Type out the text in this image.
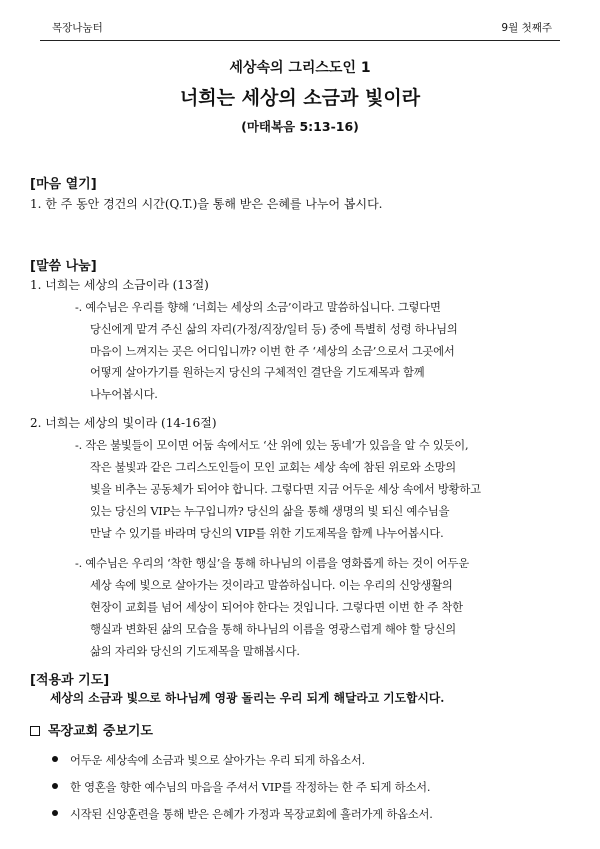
목장나눔터	9월 첫째주
세상속의 그리스도인 1
너희는 세상의 소금과 빛이라
(마태복음 5:13-16)
[마음 열기]
1. 한 주 동안 경건의 시간(Q.T.)을 통해 받은 은혜를 나누어 봅시다.
[말씀 나눔]
1. 너희는 세상의 소금이라 (13절)
-. 예수님은 우리를 향해 ‘너희는 세상의 소금’이라고 말씀하십니다. 그렇다면
당신에게 맡겨 주신 삶의 자리(가정/직장/일터 등) 중에 특별히 성령 하나님의
마음이 느껴지는 곳은 어디입니까? 이번 한 주 ‘세상의 소금’으로서 그곳에서
어떻게 살아가기를 원하는지 당신의 구체적인 결단을 기도제목과 함께
나누어봅시다.
2. 너희는 세상의 빛이라 (14-16절)
-. 작은 불빛들이 모이면 어둠 속에서도 ‘산 위에 있는 동네’가 있음을 알 수 있듯이,
작은 불빛과 같은 그리스도인들이 모인 교회는 세상 속에 참된 위로와 소망의
빛을 비추는 공동체가 되어야 합니다. 그렇다면 지금 어두운 세상 속에서 방황하고
있는 당신의 VIP는 누구입니까? 당신의 삶을 통해 생명의 빛 되신 예수님을
만날 수 있기를 바라며 당신의 VIP를 위한 기도제목을 함께 나누어봅시다.
-. 예수님은 우리의 ‘착한 행실’을 통해 하나님의 이름을 영화롭게 하는 것이 어두운
세상 속에 빛으로 살아가는 것이라고 말씀하십니다. 이는 우리의 신앙생활의
현장이 교회를 넘어 세상이 되어야 한다는 것입니다. 그렇다면 이번 한 주 착한
행실과 변화된 삶의 모습을 통해 하나님의 이름을 영광스럽게 해야 할 당신의
삶의 자리와 당신의 기도제목을 말해봅시다.
[적용과 기도]
세상의 소금과 빛으로 하나님께 영광 돌리는 우리 되게 해달라고 기도합시다.
목장교회 중보기도
어두운 세상속에 소금과 빛으로 살아가는 우리 되게 하옵소서.
한 영혼을 향한 예수님의 마음을 주셔서 VIP를 작정하는 한 주 되게 하소서.
시작된 신앙훈련을 통해 받은 은혜가 가정과 목장교회에 흘러가게 하옵소서.
